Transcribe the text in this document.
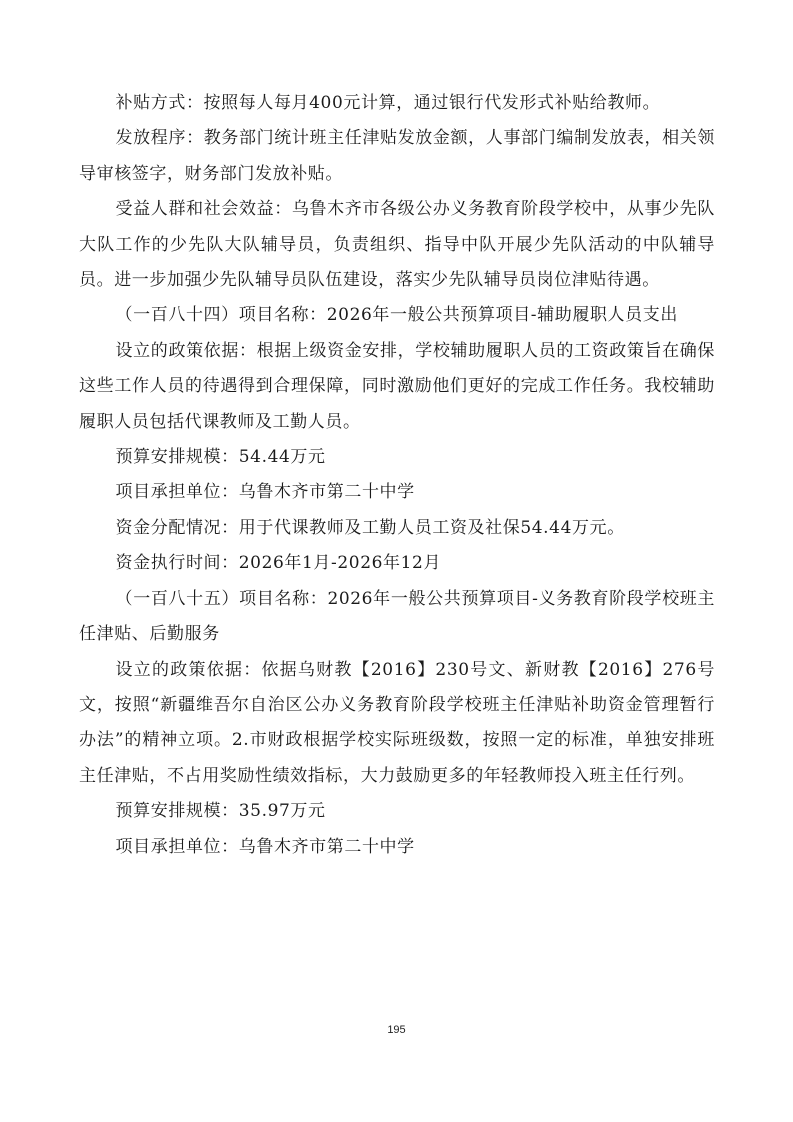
补贴方式：按照每人每月400元计算，通过银行代发形式补贴给教师。

发放程序：教务部门统计班主任津贴发放金额，人事部门编制发放表，相关领导审核签字，财务部门发放补贴。

受益人群和社会效益：乌鲁木齐市各级公办义务教育阶段学校中，从事少先队大队工作的少先队大队辅导员，负责组织、指导中队开展少先队活动的中队辅导员。进一步加强少先队辅导员队伍建设，落实少先队辅导员岗位津贴待遇。

（一百八十四）项目名称：2026年一般公共预算项目-辅助履职人员支出

设立的政策依据：根据上级资金安排，学校辅助履职人员的工资政策旨在确保这些工作人员的待遇得到合理保障，同时激励他们更好的完成工作任务。我校辅助履职人员包括代课教师及工勤人员。

预算安排规模：54.44万元

项目承担单位：乌鲁木齐市第二十中学

资金分配情况：用于代课教师及工勤人员工资及社保54.44万元。

资金执行时间：2026年1月-2026年12月

（一百八十五）项目名称：2026年一般公共预算项目-义务教育阶段学校班主任津贴、后勤服务

设立的政策依据：依据乌财教【2016】230号文、新财教【2016】276号文，按照“新疆维吾尔自治区公办义务教育阶段学校班主任津贴补助资金管理暂行办法”的精神立项。2.市财政根据学校实际班级数，按照一定的标准，单独安排班主任津贴，不占用奖励性绩效指标，大力鼓励更多的年轻教师投入班主任行列。

预算安排规模：35.97万元

项目承担单位：乌鲁木齐市第二十中学

195
